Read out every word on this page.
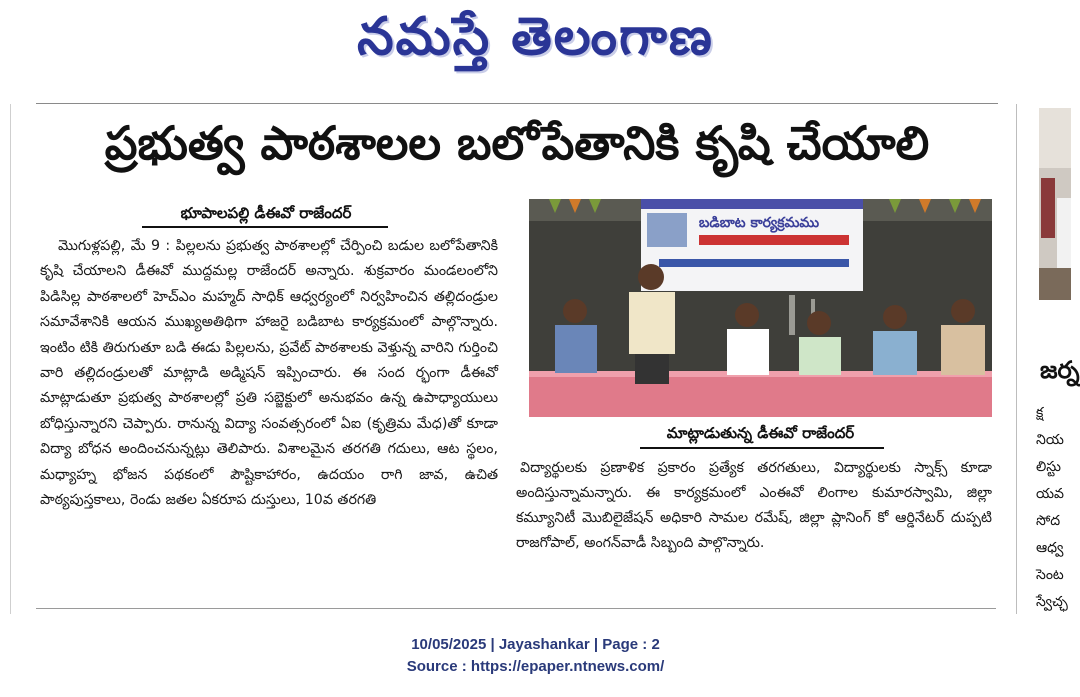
నమస్తే తెలంగాణ
ప్రభుత్వ పాఠశాలల బలోపేతానికి కృషి చేయాలి
భూపాలపల్లి డీఈవో రాజేందర్

మొగుళ్లపల్లి, మే 9 : పిల్లలను ప్రభుత్వ పాఠశాలల్లో చేర్పించి బడుల బలోపేతానికి కృషి చేయాలని డీఈవో ముద్దమల్ల రాజేందర్ అన్నారు. శుక్రవారం మండలంలోని పిడిసిల్ల పాఠశాలలో హెచ్ఎం మహ్మద్ సాధిక్ ఆధ్వర్యంలో నిర్వహించిన తల్లిదండ్రుల సమావేశానికి ఆయన ముఖ్యఅతిథిగా హాజరై బడిబాట కార్యక్రమంలో పాల్గొన్నారు. ఇంటిం టికి తిరుగుతూ బడి ఈడు పిల్లలను, ప్రవేట్ పాఠశాలకు వెళ్తున్న వారిని గుర్తించి వారి తల్లిదండ్రులతో మాట్లాడి అడ్మిషన్ ఇప్పించారు. ఈ సంద ర్భంగా డీఈవో మాట్లాడుతూ ప్రభుత్వ పాఠశాలల్లో ప్రతి సబ్జెక్టులో అనుభవం ఉన్న ఉపాధ్యాయులు బోధిస్తున్నారని చెప్పారు. రానున్న విద్యా సంవత్సరంలో ఏఐ (కృత్రిమ మేధ)తో కూడా విద్యా బోధన అందించనున్నట్లు తెలిపారు. విశాలమైన తరగతి గదులు, ఆట స్థలం, మధ్యాహ్న భోజన పథకంలో పౌష్టికాహారం, ఉదయం రాగి జావ, ఉచిత పాఠ్యపుస్తకాలు, రెండు జతల ఏకరూప దుస్తులు, 10వ తరగతి

బడిబాట కార్యక్రమము
మాట్లాడుతున్న డీఈవో రాజేందర్

విద్యార్థులకు ప్రణాళిక ప్రకారం ప్రత్యేక తరగతులు, విద్యార్థులకు స్నాక్స్ కూడా అందిస్తున్నామన్నారు. ఈ కార్యక్రమంలో ఎంఈవో లింగాల కుమారస్వామి, జిల్లా కమ్యూనిటీ మొబిలైజేషన్ అధికారి సామల రమేష్, జిల్లా ప్లానింగ్ కో ఆర్డినేటర్ దుప్పటి రాజగోపాల్, అంగన్‌వాడీ సిబ్బంది పాల్గొన్నారు.

జర్న
క్ష
నియ
లిస్టు
యవ
సోద
ఆధ్వ
సెంట
స్వేచ్ఛ
10/05/2025 | Jayashankar | Page : 2
Source : https://epaper.ntnews.com/
